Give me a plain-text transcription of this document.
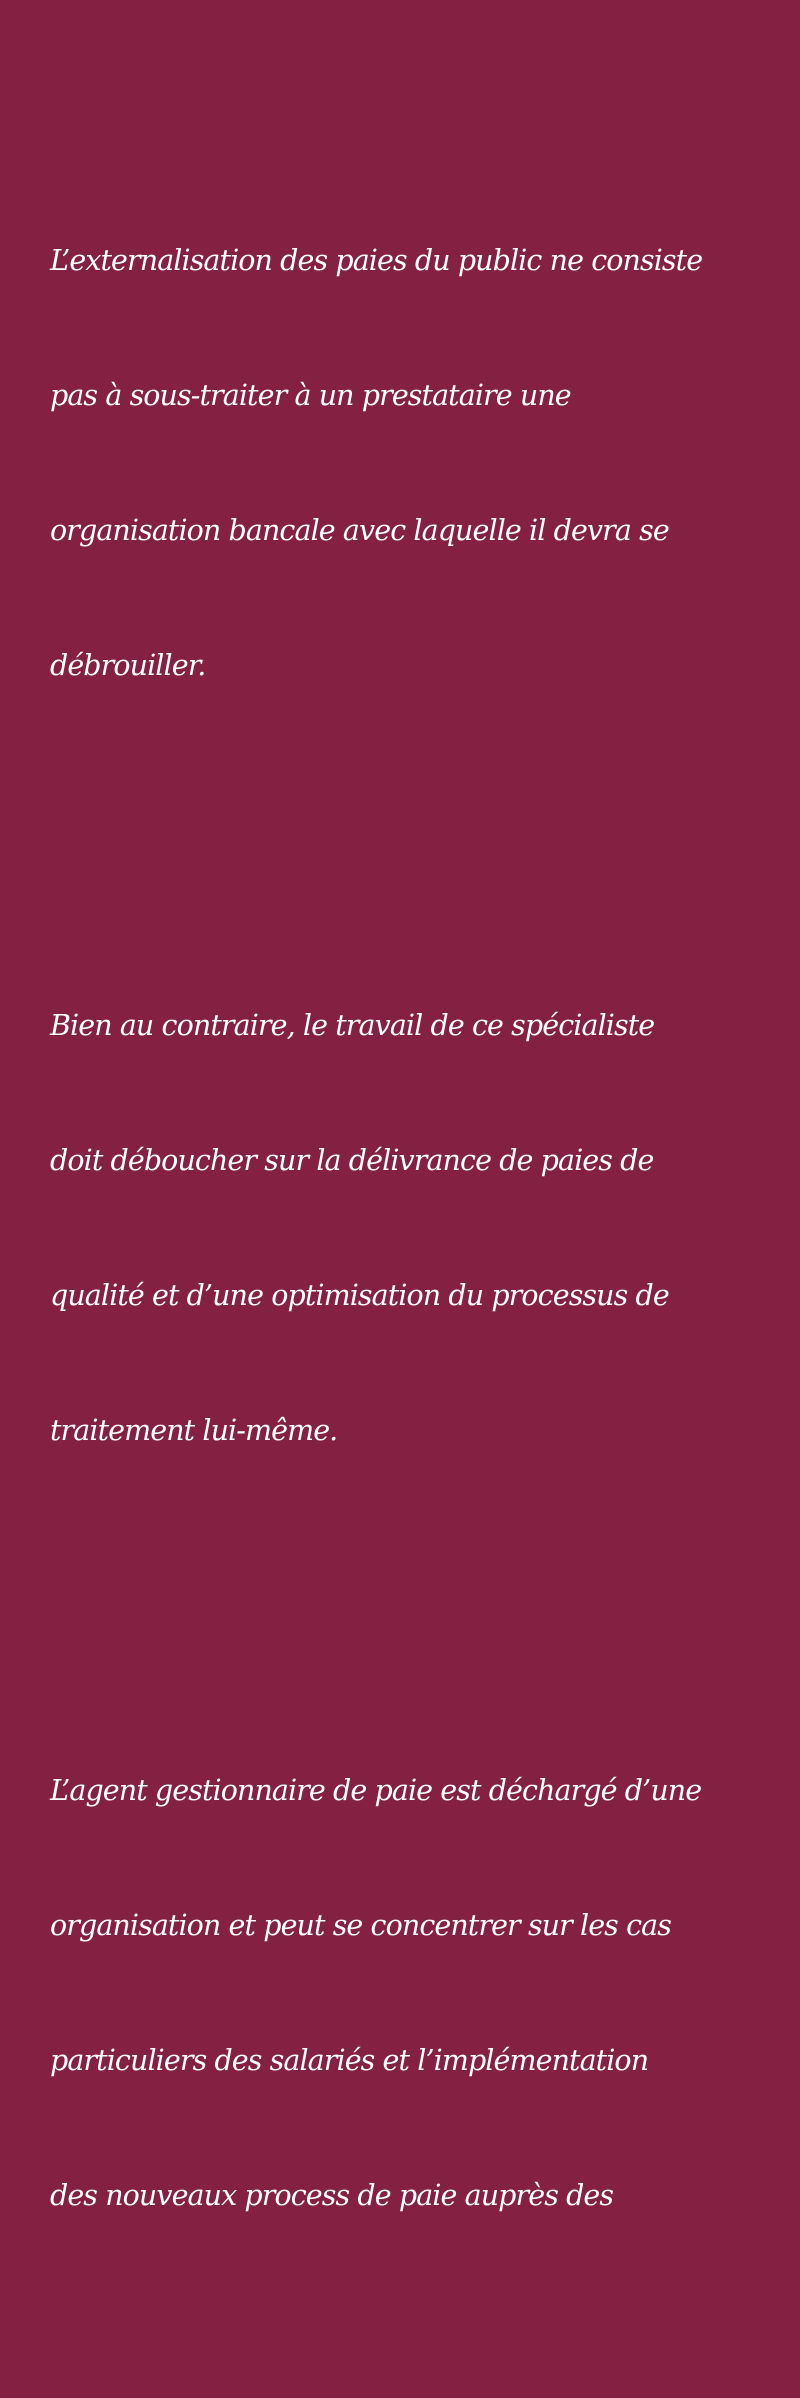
L’externalisation des paies du public ne consiste

pas à sous-traiter à un prestataire une

organisation bancale avec laquelle il devra se

débrouiller.

Bien au contraire, le travail de ce spécialiste

doit déboucher sur la délivrance de paies de

qualité et d’une optimisation du processus de

traitement lui-même.

L’agent gestionnaire de paie est déchargé d’une

organisation et peut se concentrer sur les cas

particuliers des salariés et l’implémentation

des nouveaux process de paie auprès des
